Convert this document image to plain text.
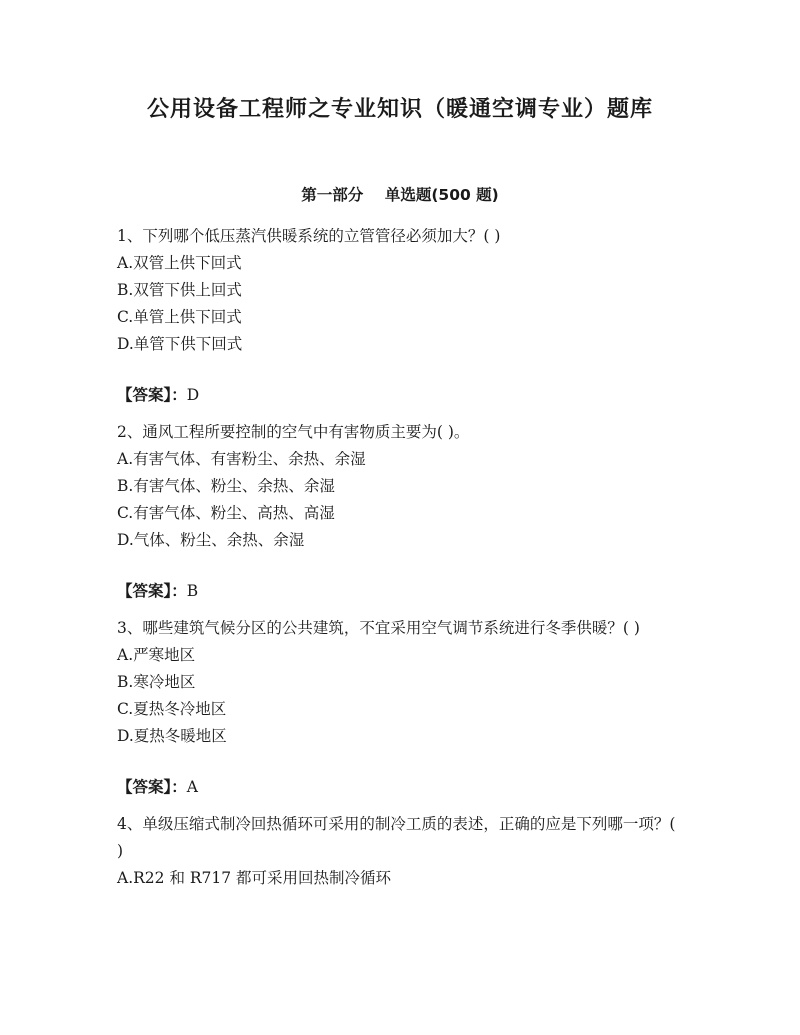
公用设备工程师之专业知识（暖通空调专业）题库
第一部分    单选题(500 题)

1、下列哪个低压蒸汽供暖系统的立管管径必须加大？( )

A.双管上供下回式

B.双管下供上回式

C.单管上供下回式

D.单管下供下回式

【答案】：D

2、通风工程所要控制的空气中有害物质主要为( )。

A.有害气体、有害粉尘、余热、余湿

B.有害气体、粉尘、余热、余湿

C.有害气体、粉尘、高热、高湿

D.气体、粉尘、余热、余湿

【答案】：B

3、哪些建筑气候分区的公共建筑，不宜采用空气调节系统进行冬季供暖？( )

A.严寒地区

B.寒冷地区

C.夏热冬冷地区

D.夏热冬暖地区

【答案】：A

4、单级压缩式制冷回热循环可采用的制冷工质的表述，正确的应是下列哪一项？( )

A.R22 和 R717 都可采用回热制冷循环
